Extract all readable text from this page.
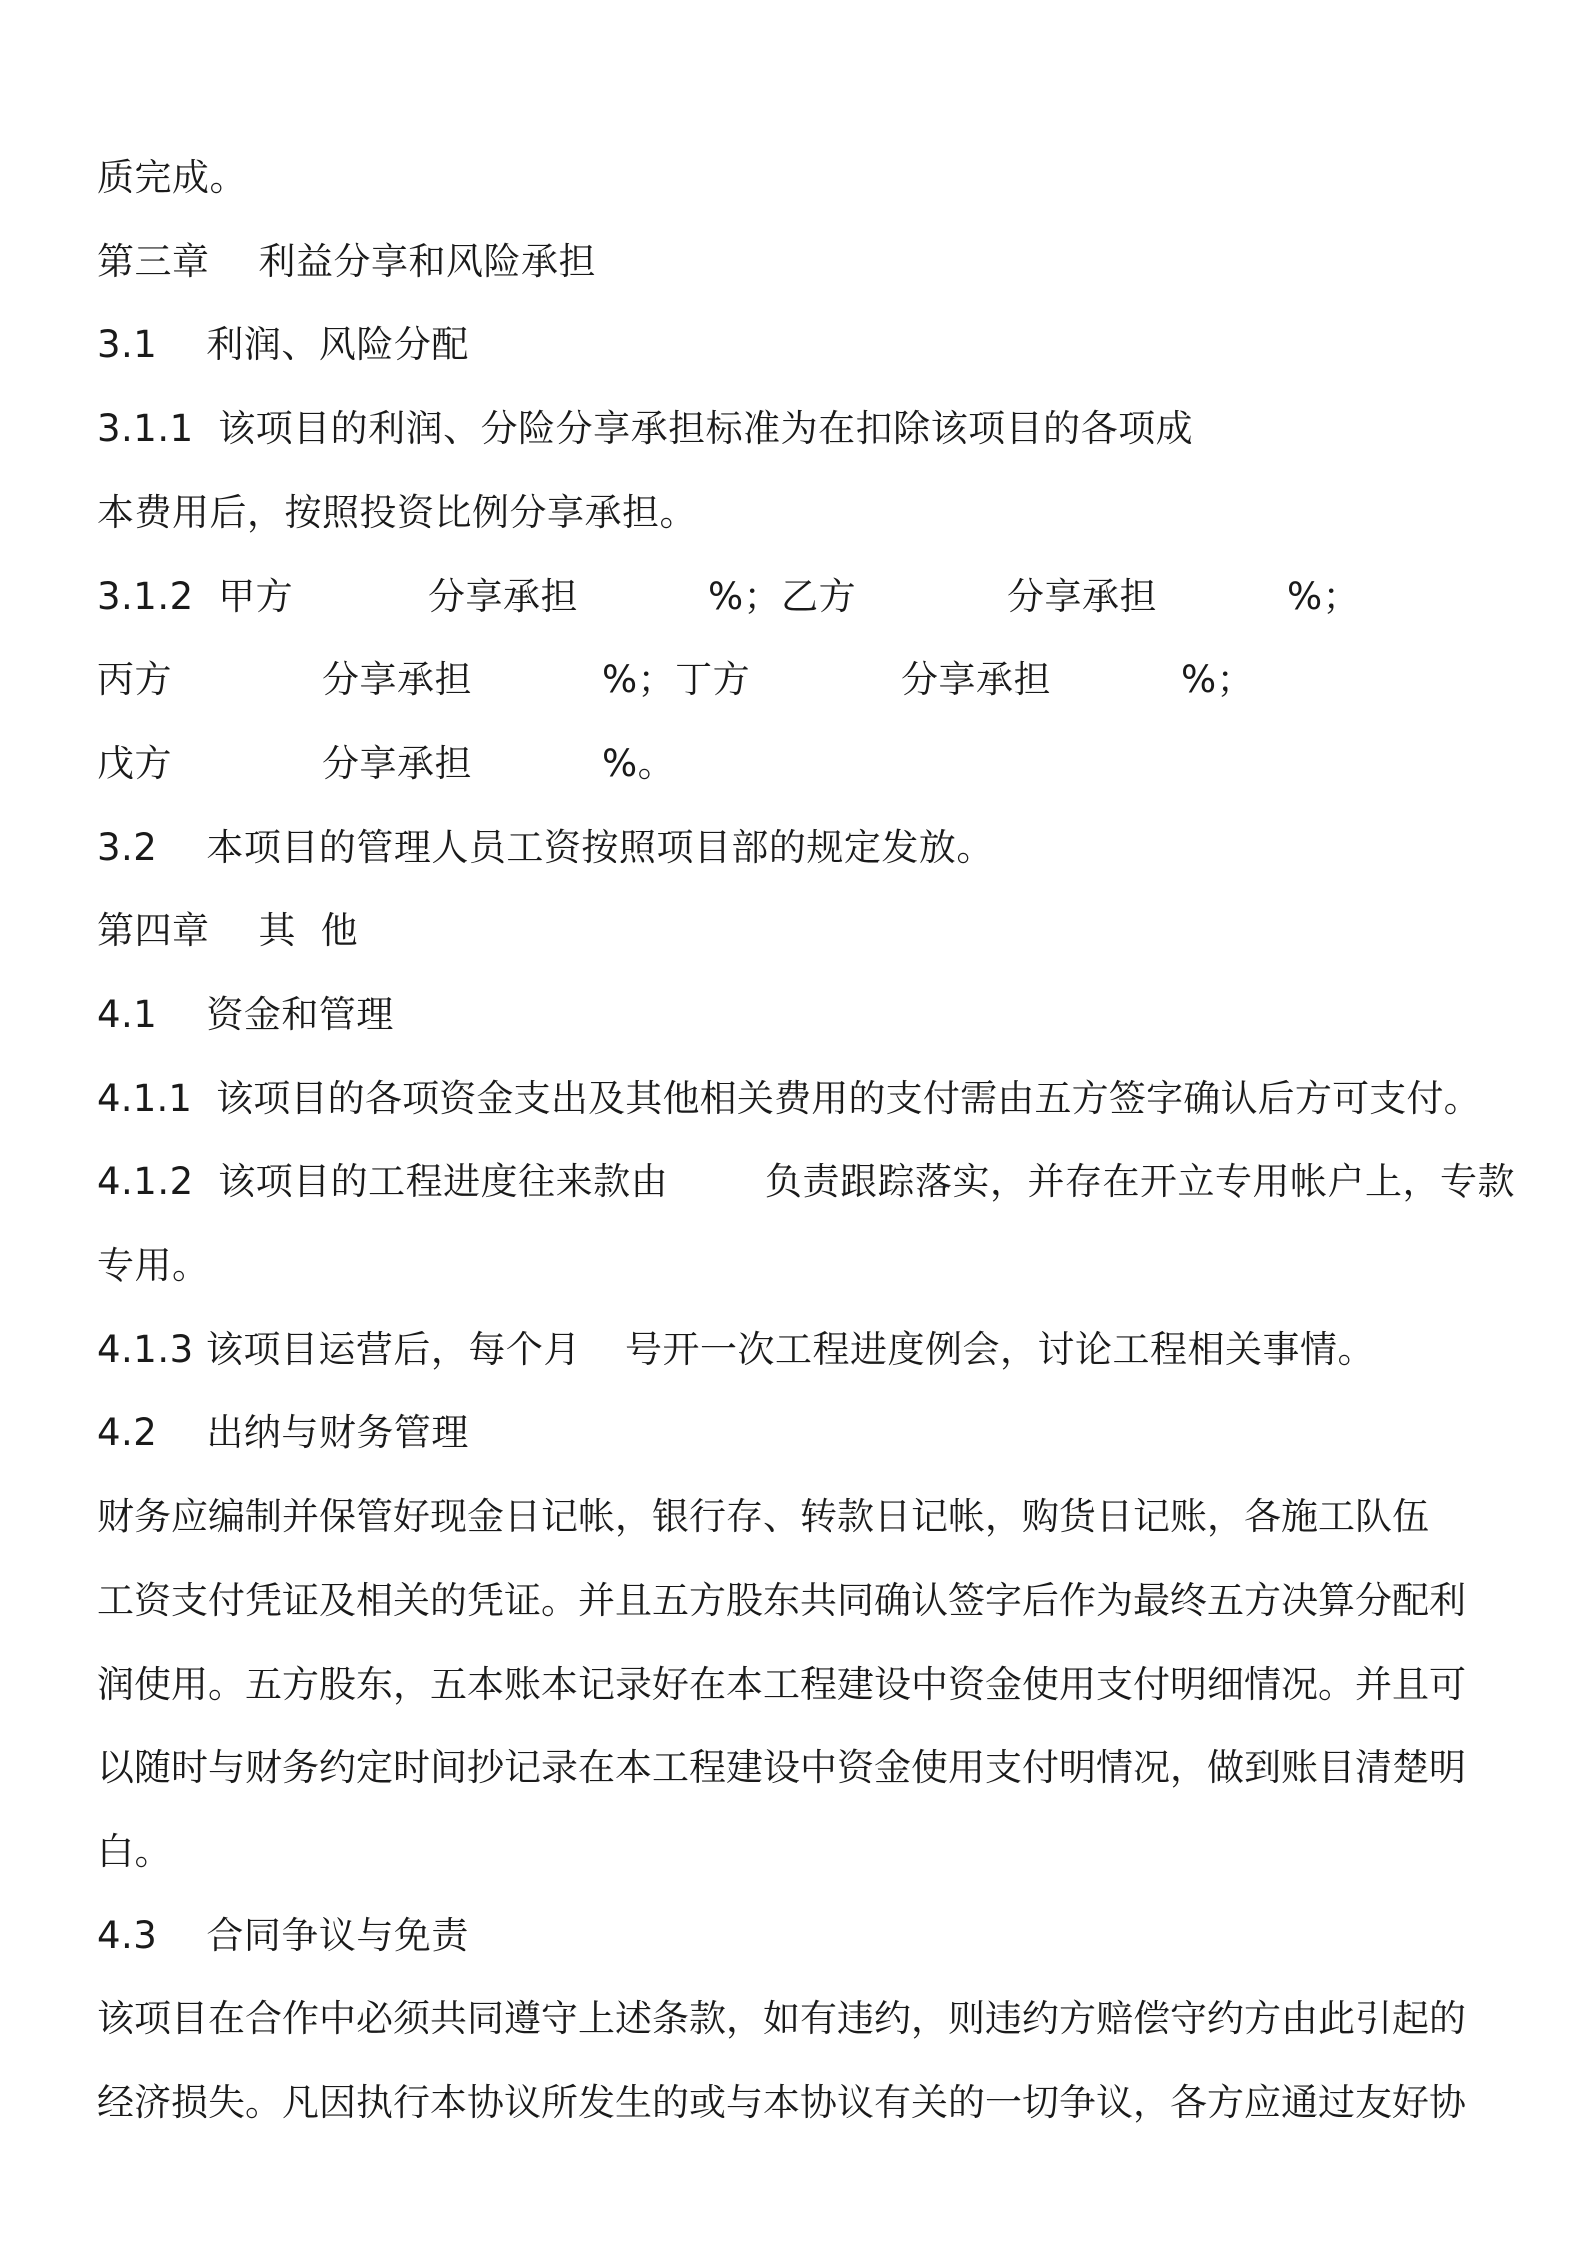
质完成。
第三章    利益分享和风险承担
3.1    利润、风险分配
3.1.1  该项目的利润、分险分享承担标准为在扣除该项目的各项成
本费用后，按照投资比例分享承担。

3.1.2  甲方

	分享承担

	%；乙方

	分享承担

	%；

丙方

	分享承担

	%；丁方

	分享承担

	%；

戊方

	分享承担

	%。

3.2    本项目的管理人员工资按照项目部的规定发放。
第四章    其  他
4.1    资金和管理
4.1.1  该项目的各项资金支出及其他相关费用的支付需由五方签字确认后方可支付。

4.1.2  该项目的工程进度往来款由

	负责跟踪落实，并存在开立专用帐户上，专款

专用。

4.1.3 该项目运营后，每个月

号开一次工程进度例会，讨论工程相关事情。

4.2    出纳与财务管理
财务应编制并保管好现金日记帐，银行存、转款日记帐，购货日记账，各施工队伍
工资支付凭证及相关的凭证。并且五方股东共同确认签字后作为最终五方决算分配利
润使用。五方股东，五本账本记录好在本工程建设中资金使用支付明细情况。并且可
以随时与财务约定时间抄记录在本工程建设中资金使用支付明情况，做到账目清楚明
白。
4.3    合同争议与免责
该项目在合作中必须共同遵守上述条款，如有违约，则违约方赔偿守约方由此引起的
经济损失。凡因执行本协议所发生的或与本协议有关的一切争议，各方应通过友好协
